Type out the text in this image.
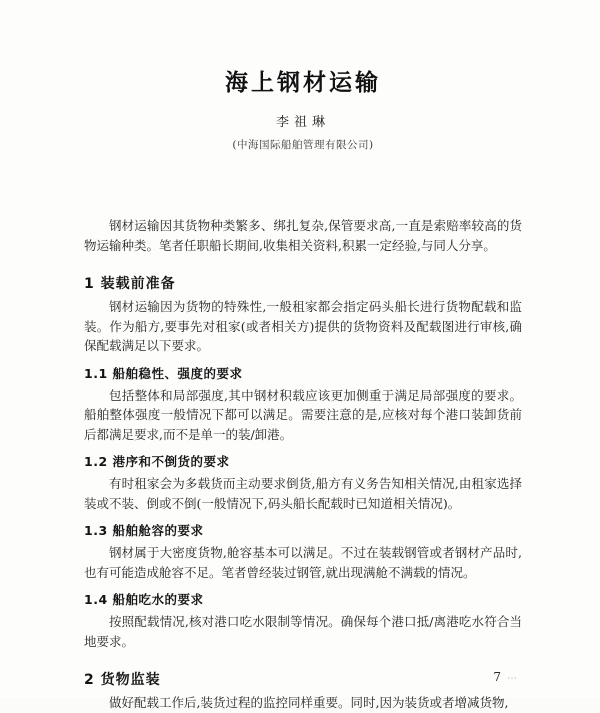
海上钢材运输
李祖琳
(中海国际船舶管理有限公司)

钢材运输因其货物种类繁多、绑扎复杂,保管要求高,一直是索赔率较高的货物运输种类。笔者任职船长期间,收集相关资料,积累一定经验,与同人分享。

1 装载前准备

钢材运输因为货物的特殊性,一般租家都会指定码头船长进行货物配载和监装。作为船方,要事先对租家(或者相关方)提供的货物资料及配载图进行审核,确保配载满足以下要求。

1.1 船舶稳性、强度的要求

包括整体和局部强度,其中钢材积载应该更加侧重于满足局部强度的要求。船舶整体强度一般情况下都可以满足。需要注意的是,应核对每个港口装卸货前后都满足要求,而不是单一的装/卸港。

1.2 港序和不倒货的要求

有时租家会为多载货而主动要求倒货,船方有义务告知相关情况,由租家选择装或不装、倒或不倒(一般情况下,码头船长配载时已知道相关情况)。

1.3 船舶舱容的要求

钢材属于大密度货物,舱容基本可以满足。不过在装载钢管或者钢材产品时,也有可能造成舱容不足。笔者曾经装过钢管,就出现满舱不满载的情况。

1.4 船舶吃水的要求

按照配载情况,核对港口吃水限制等情况。确保每个港口抵/离港吃水符合当地要求。

2 货物监装

做好配载工作后,装货过程的监控同样重要。同时,因为装货或者增减货物,

7 ⋯
